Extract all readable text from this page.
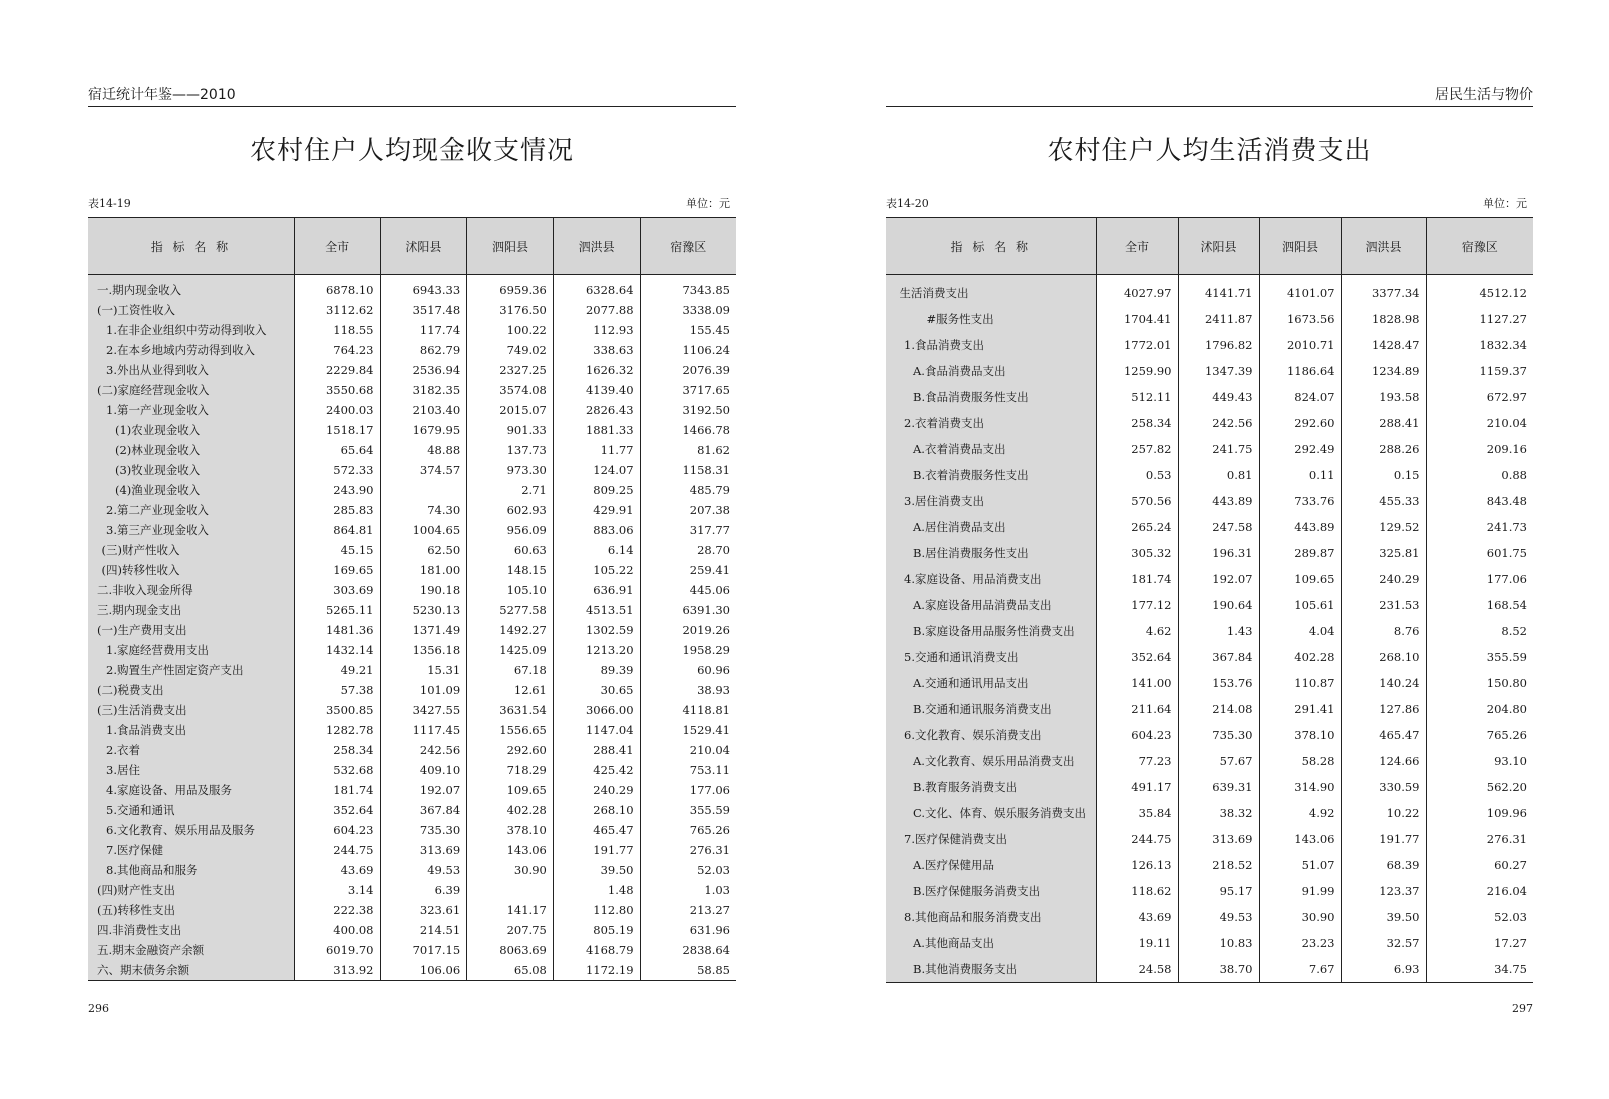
宿迁统计年鉴——2010
农村住户人均现金收支情况
表14-19	单位：元
指 标 名 称	全市	沭阳县	泗阳县	泗洪县	宿豫区
一.期内现金收入	6878.10	6943.33	6959.36	6328.64	7343.85
(一)工资性收入	3112.62	3517.48	3176.50	2077.88	3338.09
1.在非企业组织中劳动得到收入	118.55	117.74	100.22	112.93	155.45
2.在本乡地域内劳动得到收入	764.23	862.79	749.02	338.63	1106.24
3.外出从业得到收入	2229.84	2536.94	2327.25	1626.32	2076.39
(二)家庭经营现金收入	3550.68	3182.35	3574.08	4139.40	3717.65
1.第一产业现金收入	2400.03	2103.40	2015.07	2826.43	3192.50
(1)农业现金收入	1518.17	1679.95	901.33	1881.33	1466.78
(2)林业现金收入	65.64	48.88	137.73	11.77	81.62
(3)牧业现金收入	572.33	374.57	973.30	124.07	1158.31
(4)渔业现金收入	243.90		2.71	809.25	485.79
2.第二产业现金收入	285.83	74.30	602.93	429.91	207.38
3.第三产业现金收入	864.81	1004.65	956.09	883.06	317.77
(三)财产性收入	45.15	62.50	60.63	6.14	28.70
(四)转移性收入	169.65	181.00	148.15	105.22	259.41
二.非收入现金所得	303.69	190.18	105.10	636.91	445.06
三.期内现金支出	5265.11	5230.13	5277.58	4513.51	6391.30
(一)生产费用支出	1481.36	1371.49	1492.27	1302.59	2019.26
1.家庭经营费用支出	1432.14	1356.18	1425.09	1213.20	1958.29
2.购置生产性固定资产支出	49.21	15.31	67.18	89.39	60.96
(二)税费支出	57.38	101.09	12.61	30.65	38.93
(三)生活消费支出	3500.85	3427.55	3631.54	3066.00	4118.81
1.食品消费支出	1282.78	1117.45	1556.65	1147.04	1529.41
2.衣着	258.34	242.56	292.60	288.41	210.04
3.居住	532.68	409.10	718.29	425.42	753.11
4.家庭设备、用品及服务	181.74	192.07	109.65	240.29	177.06
5.交通和通讯	352.64	367.84	402.28	268.10	355.59
6.文化教育、娱乐用品及服务	604.23	735.30	378.10	465.47	765.26
7.医疗保健	244.75	313.69	143.06	191.77	276.31
8.其他商品和服务	43.69	49.53	30.90	39.50	52.03
(四)财产性支出	3.14	6.39		1.48	1.03
(五)转移性支出	222.38	323.61	141.17	112.80	213.27
四.非消费性支出	400.08	214.51	207.75	805.19	631.96
五.期末金融资产余额	6019.70	7017.15	8063.69	4168.79	2838.64
六、期末债务余额	313.92	106.06	65.08	1172.19	58.85
296
居民生活与物价
农村住户人均生活消费支出
表14-20	单位：元
指 标 名 称	全市	沭阳县	泗阳县	泗洪县	宿豫区
生活消费支出	4027.97	4141.71	4101.07	3377.34	4512.12
#服务性支出	1704.41	2411.87	1673.56	1828.98	1127.27
1.食品消费支出	1772.01	1796.82	2010.71	1428.47	1832.34
A.食品消费品支出	1259.90	1347.39	1186.64	1234.89	1159.37
B.食品消费服务性支出	512.11	449.43	824.07	193.58	672.97
2.衣着消费支出	258.34	242.56	292.60	288.41	210.04
A.衣着消费品支出	257.82	241.75	292.49	288.26	209.16
B.衣着消费服务性支出	0.53	0.81	0.11	0.15	0.88
3.居住消费支出	570.56	443.89	733.76	455.33	843.48
A.居住消费品支出	265.24	247.58	443.89	129.52	241.73
B.居住消费服务性支出	305.32	196.31	289.87	325.81	601.75
4.家庭设备、用品消费支出	181.74	192.07	109.65	240.29	177.06
A.家庭设备用品消费品支出	177.12	190.64	105.61	231.53	168.54
B.家庭设备用品服务性消费支出	4.62	1.43	4.04	8.76	8.52
5.交通和通讯消费支出	352.64	367.84	402.28	268.10	355.59
A.交通和通讯用品支出	141.00	153.76	110.87	140.24	150.80
B.交通和通讯服务消费支出	211.64	214.08	291.41	127.86	204.80
6.文化教育、娱乐消费支出	604.23	735.30	378.10	465.47	765.26
A.文化教育、娱乐用品消费支出	77.23	57.67	58.28	124.66	93.10
B.教育服务消费支出	491.17	639.31	314.90	330.59	562.20
C.文化、体育、娱乐服务消费支出	35.84	38.32	4.92	10.22	109.96
7.医疗保健消费支出	244.75	313.69	143.06	191.77	276.31
A.医疗保健用品	126.13	218.52	51.07	68.39	60.27
B.医疗保健服务消费支出	118.62	95.17	91.99	123.37	216.04
8.其他商品和服务消费支出	43.69	49.53	30.90	39.50	52.03
A.其他商品支出	19.11	10.83	23.23	32.57	17.27
B.其他消费服务支出	24.58	38.70	7.67	6.93	34.75
297
